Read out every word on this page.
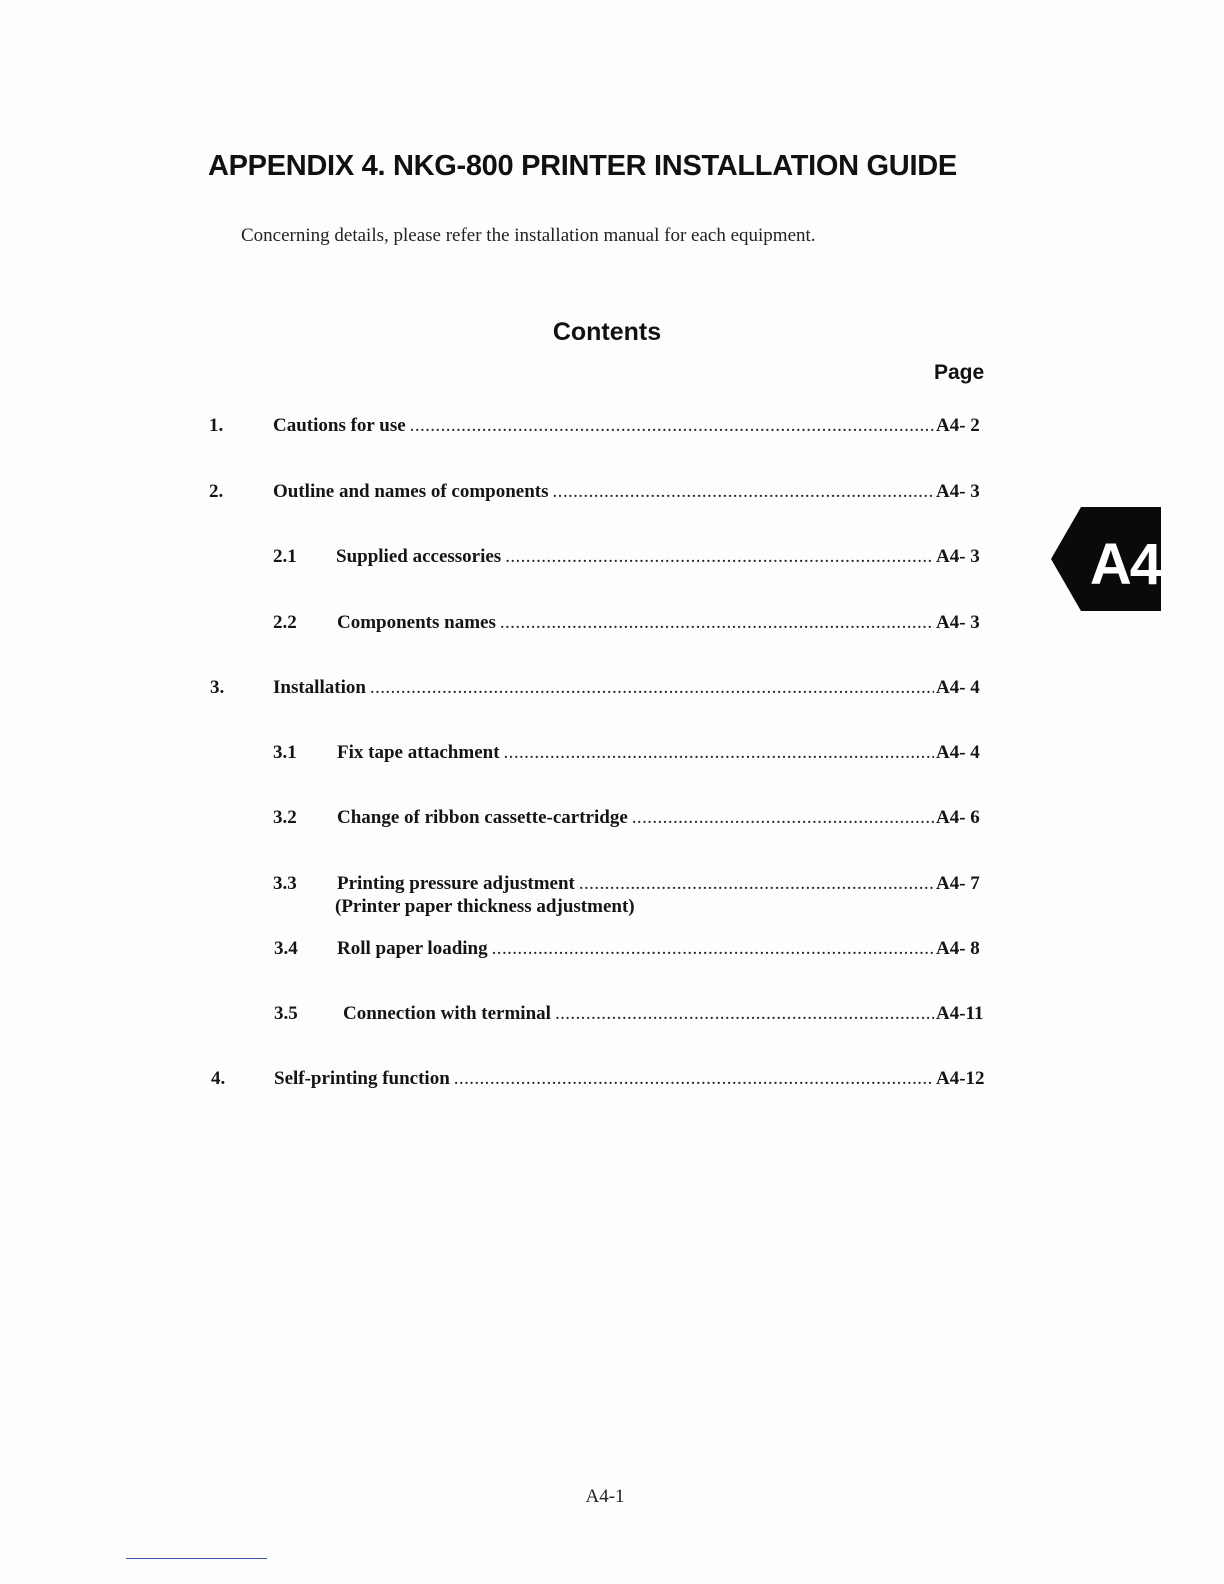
APPENDIX 4. NKG-800 PRINTER INSTALLATION GUIDE

Concerning details, please refer the installation manual for each equipment.

Contents
Page
1.	Cautions for use .....	A4- 2
2.	Outline and names of components .....	A4- 3
2.1 Supplied accessories .....	A4- 3
2.2 Components names .....	A4- 3
3.	Installation .....	A4- 4
3.1 Fix tape attachment .....	A4- 4
3.2 Change of ribbon cassette-cartridge .....	A4- 6
3.3 Printing pressure adjustment .....	A4- 7
(Printer paper thickness adjustment)
3.4 Roll paper loading .....	A4- 8
3.5 Connection with terminal .....	A4-11
4.	Self-printing function .....	A4-12
A4
A4-1
